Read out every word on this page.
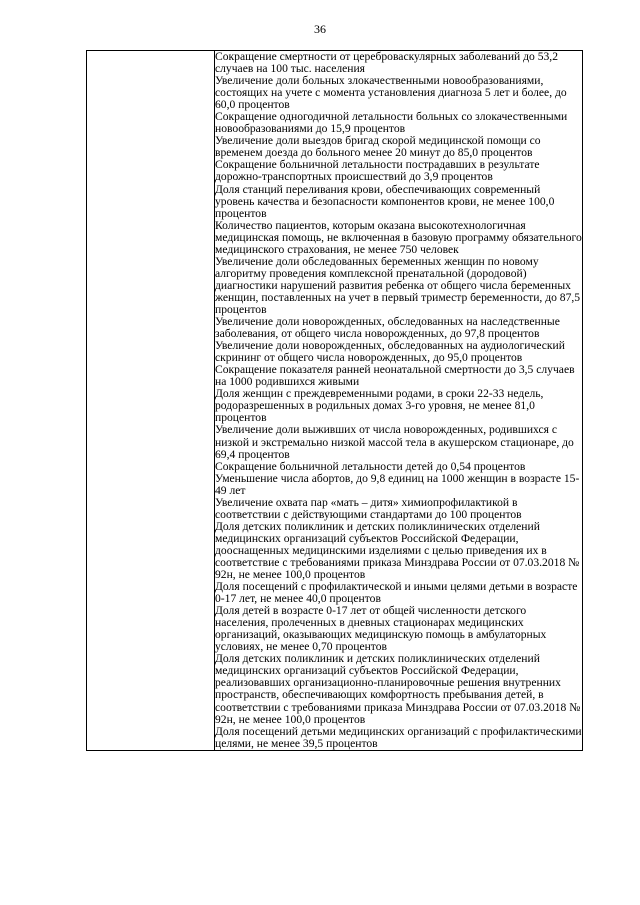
36

Сокращение смертности от цереброваскулярных заболеваний до 53,2 случаев на 100 тыс. населения
Увеличение доли больных злокачественными новообразованиями, состоящих на учете с момента установления диагноза 5 лет и более, до 60,0 процентов
Сокращение одногодичной летальности больных со злокачественными новообразованиями до 15,9 процентов
Увеличение доли выездов бригад скорой медицинской помощи со временем доезда до больного менее 20 минут до 85,0 процентов
Сокращение больничной летальности пострадавших в результате дорожно-транспортных происшествий до 3,9 процентов
Доля станций переливания крови, обеспечивающих современный уровень качества и безопасности компонентов крови, не менее 100,0 процентов
Количество пациентов, которым оказана высокотехнологичная медицинская помощь, не включенная в базовую программу обязательного медицинского страхования, не менее 750 человек
Увеличение доли обследованных беременных женщин по новому алгоритму проведения комплексной пренатальной (дородовой) диагностики нарушений развития ребенка от общего числа беременных женщин, поставленных на учет в первый триместр беременности, до 87,5 процентов
Увеличение доли новорожденных, обследованных на наследственные заболевания, от общего числа новорожденных, до 97,8 процентов
Увеличение доли новорожденных, обследованных на аудиологический скрининг от общего числа новорожденных, до 95,0 процентов
Сокращение показателя ранней неонатальной смертности до 3,5 случаев на 1000 родившихся живыми
Доля женщин с преждевременными родами, в сроки 22-33 недель, родоразрешенных в родильных домах 3-го уровня, не менее 81,0 процентов
Увеличение доли выживших от числа новорожденных, родившихся с низкой и экстремально низкой массой тела в акушерском стационаре, до 69,4 процентов
Сокращение больничной летальности детей до 0,54 процентов
Уменьшение числа абортов, до 9,8 единиц на 1000 женщин в возрасте 15-49 лет
Увеличение охвата пар «мать – дитя» химиопрофилактикой в соответствии с действующими стандартами до 100 процентов
Доля детских поликлиник и детских поликлинических отделений медицинских организаций субъектов Российской Федерации, дооснащенных медицинскими изделиями с целью приведения их в соответствие с требованиями приказа Минздрава России от 07.03.2018 № 92н, не менее 100,0 процентов
Доля посещений с профилактической и иными целями детьми в возрасте 0-17 лет, не менее 40,0 процентов
Доля детей в возрасте 0-17 лет от общей численности детского населения, пролеченных в дневных стационарах медицинских организаций, оказывающих медицинскую помощь в амбулаторных условиях, не менее 0,70 процентов
Доля детских поликлиник и детских поликлинических отделений медицинских организаций субъектов Российской Федерации, реализовавших организационно-планировочные решения внутренних пространств, обеспечивающих комфортность пребывания детей, в соответствии с требованиями приказа Минздрава России от 07.03.2018 № 92н, не менее 100,0 процентов
Доля посещений детьми медицинских организаций с профилактическими целями, не менее 39,5 процентов
